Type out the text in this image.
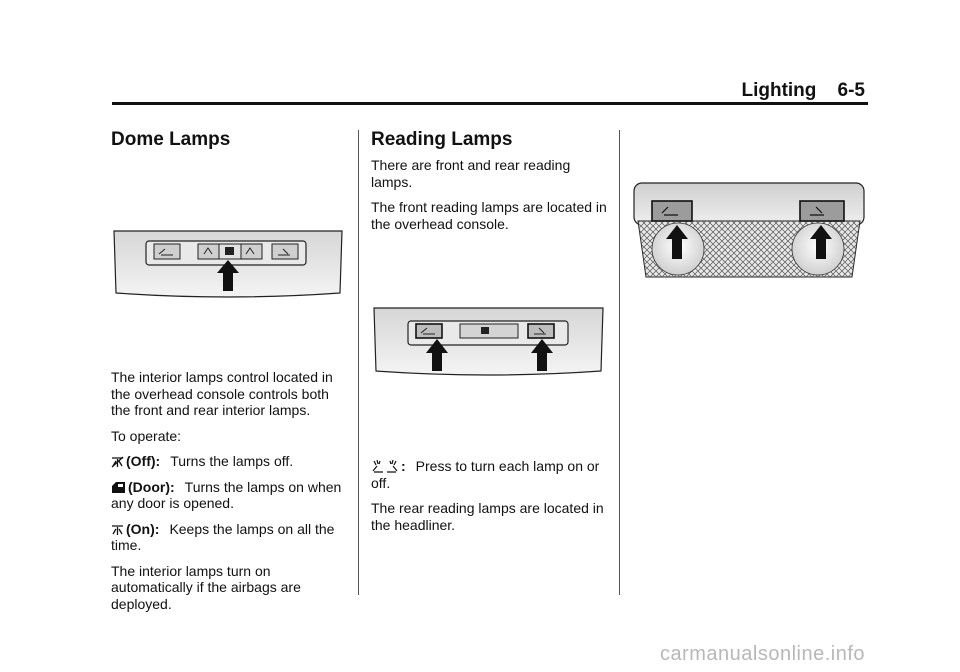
Lighting 6-5
Dome Lamps

The interior lamps control located in the overhead console controls both the front and rear interior lamps.

To operate:

(Off): Turns the lamps off.

(Door): Turns the lamps on when any door is opened.

(On): Keeps the lamps on all the time.

The interior lamps turn on automatically if the airbags are deployed.

Reading Lamps

There are front and rear reading lamps.

The front reading lamps are located in the overhead console.

: Press to turn each lamp on or off.

The rear reading lamps are located in the headliner.

carmanualsonline.info
